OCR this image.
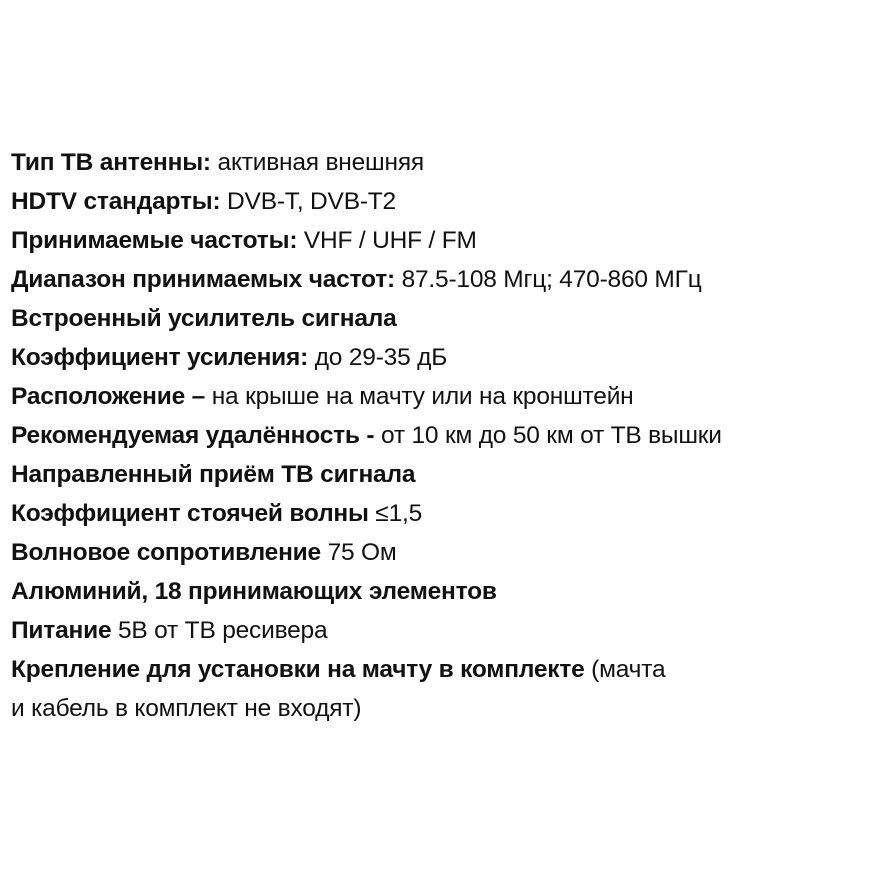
Тип ТВ антенны: активная внешняя
HDTV стандарты: DVB-T, DVB-T2
Принимаемые частоты: VHF / UHF / FM
Диапазон принимаемых частот: 87.5-108 Мгц; 470-860 МГц
Встроенный усилитель сигнала
Коэффициент усиления: до 29-35 дБ
Расположение – на крыше на мачту или на кронштейн
Рекомендуемая удалённость - от 10 км до 50 км от ТВ вышки
Направленный приём ТВ сигнала
Коэффициент стоячей волны ≤1,5
Волновое сопротивление 75 Ом
Алюминий, 18 принимающих элементов
Питание 5В от ТВ ресивера
Крепление для установки на мачту в комплекте (мачта
и кабель в комплект не входят)
